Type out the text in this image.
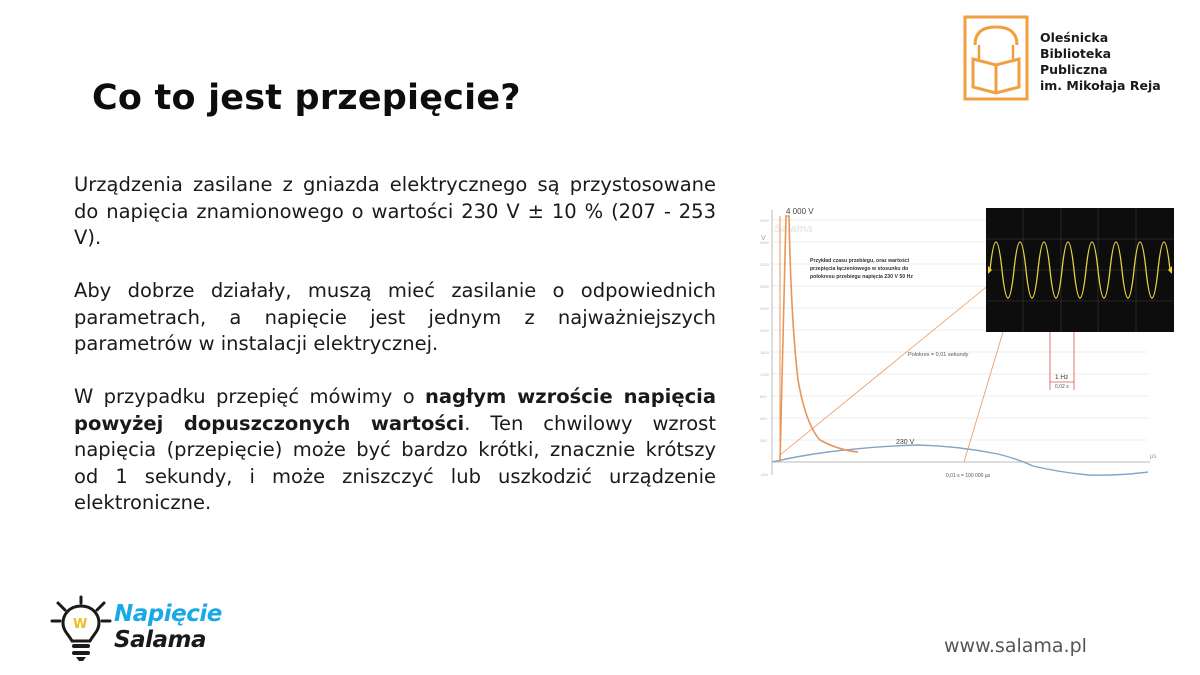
Co to jest przepięcie?
Oleśnicka
Biblioteka
Publiczna
im. Mikołaja Reja

Urządzenia zasilane z gniazda elektrycznego są przystosowane do napięcia znamionowego o wartości 230 V ± 10 % (207 - 253 V).

Aby dobrze działały, muszą mieć zasilanie o odpowiednich parametrach, a napięcie jest jednym z najważniejszych parametrów w instalacji elektrycznej.

W przypadku przepięć mówimy o nagłym wzroście napięcia powyżej dopuszczonych wartości. Ten chwilowy wzrost napięcia (przepięcie) może być bardzo krótki, znacznie krótszy od 1 sekundy, i może zniszczyć lub uszkodzić urządzenie elektroniczne.

4000
3600
3200
2800
2400
2000
1600
1200
800
400
200
-200
V
µs
Salama
4 000 V
Przykład czasu przebiegu, oraz wartości
przepięcia łączeniowego w stosunku do
połokresu przebiegu napięcia 230 V 50 Hz
Połokres = 0,01 sekundy
230 V
0,01 s = 100 000 µs
1 Hz
0,02 s
W Napięcie
Salama	www.salama.pl
